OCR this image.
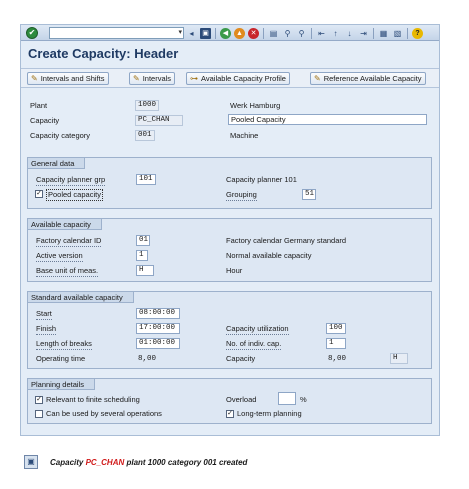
✔	▾ ◂	▣	◀	▲	✕	▤ ⚲	⚲	⇤	↑	↓	⇥ ▦ ▧	?
Create Capacity: Header
✎ Intervals and Shifts	✎ Intervals ⊶ Available Capacity Profile	✎ Reference Available Capacity
Plant	1000	Werk Hamburg
Capacity	PC_CHAN	Pooled Capacity
Capacity category	001	Machine
General data
Capacity planner grp	101	Capacity planner 101
✓ Pooled capacity	Grouping	51
Available capacity
Factory calendar ID	01	Factory calendar Germany standard
Active version	1	Normal available capacity
Base unit of meas.	H	Hour
Standard available capacity
Start	08:00:00
Finish	17:00:00	Capacity utilization	100
Length of breaks	01:00:00	No. of indiv. cap.	1
Operating time	8,00	Capacity	8,00	H
Planning details
✓ Relevant to finite scheduling	Overload	%
Can be used by several operations	✓ Long-term planning
▣	Capacity PC_CHAN plant 1000 category 001 created
